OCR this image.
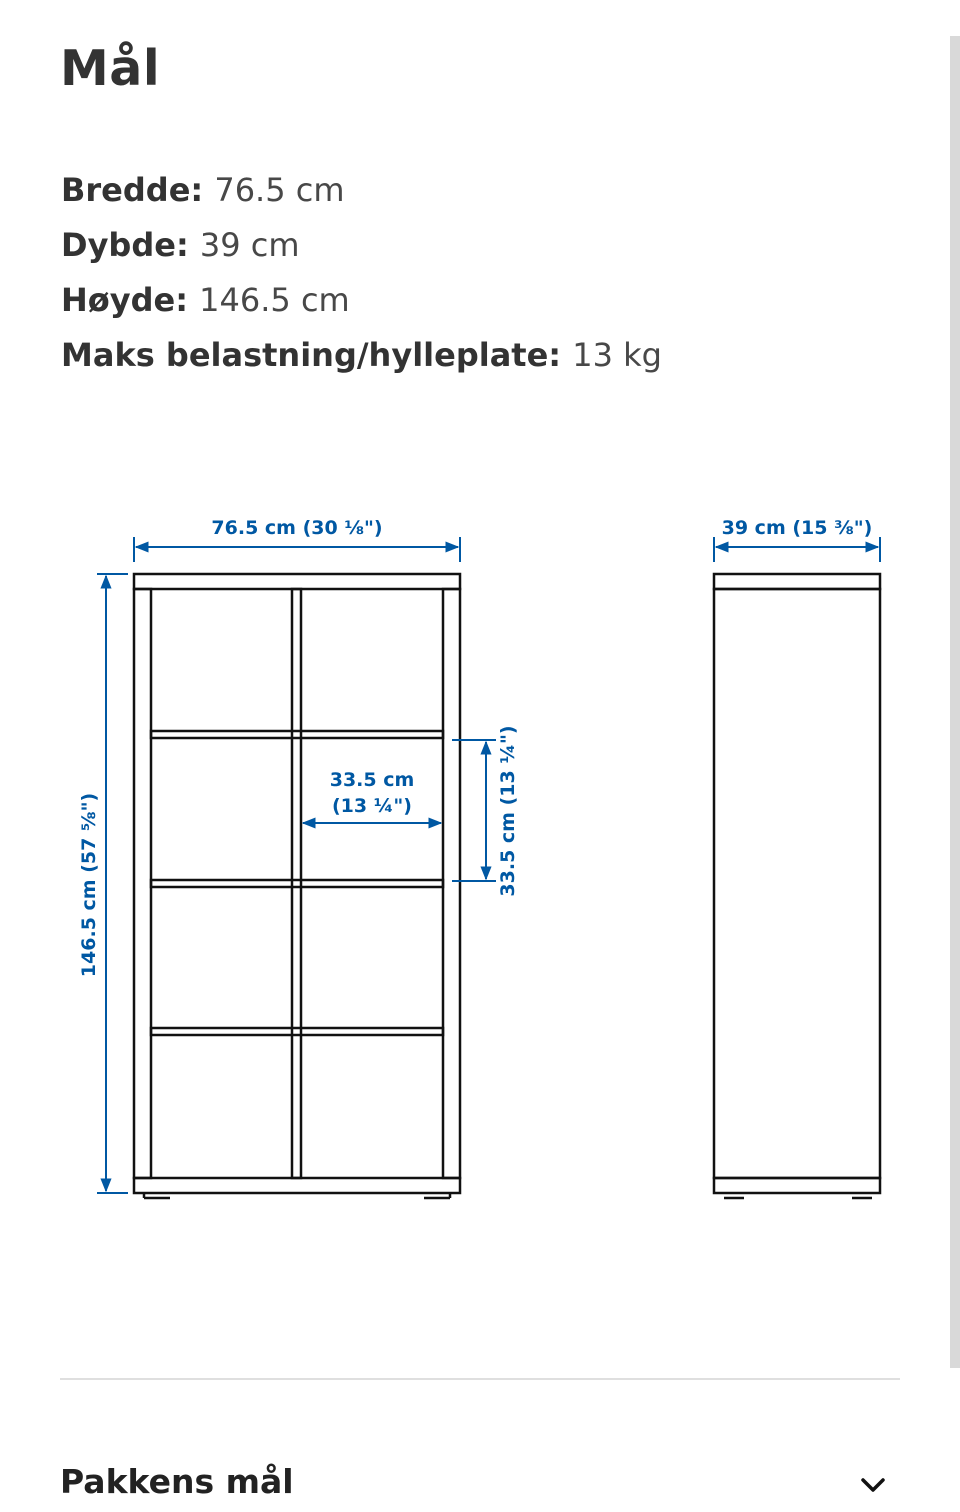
Mål
Bredde: 76.5 cm
Dybde: 39 cm
Høyde: 146.5 cm
Maks belastning/hylleplate: 13 kg
76.5 cm (30 ⅛")
146.5 cm (57 ⅝")
33.5 cm
(13 ¼")	33.5 cm (13 ¼")
39 cm (15 ⅜")
Pakkens mål
